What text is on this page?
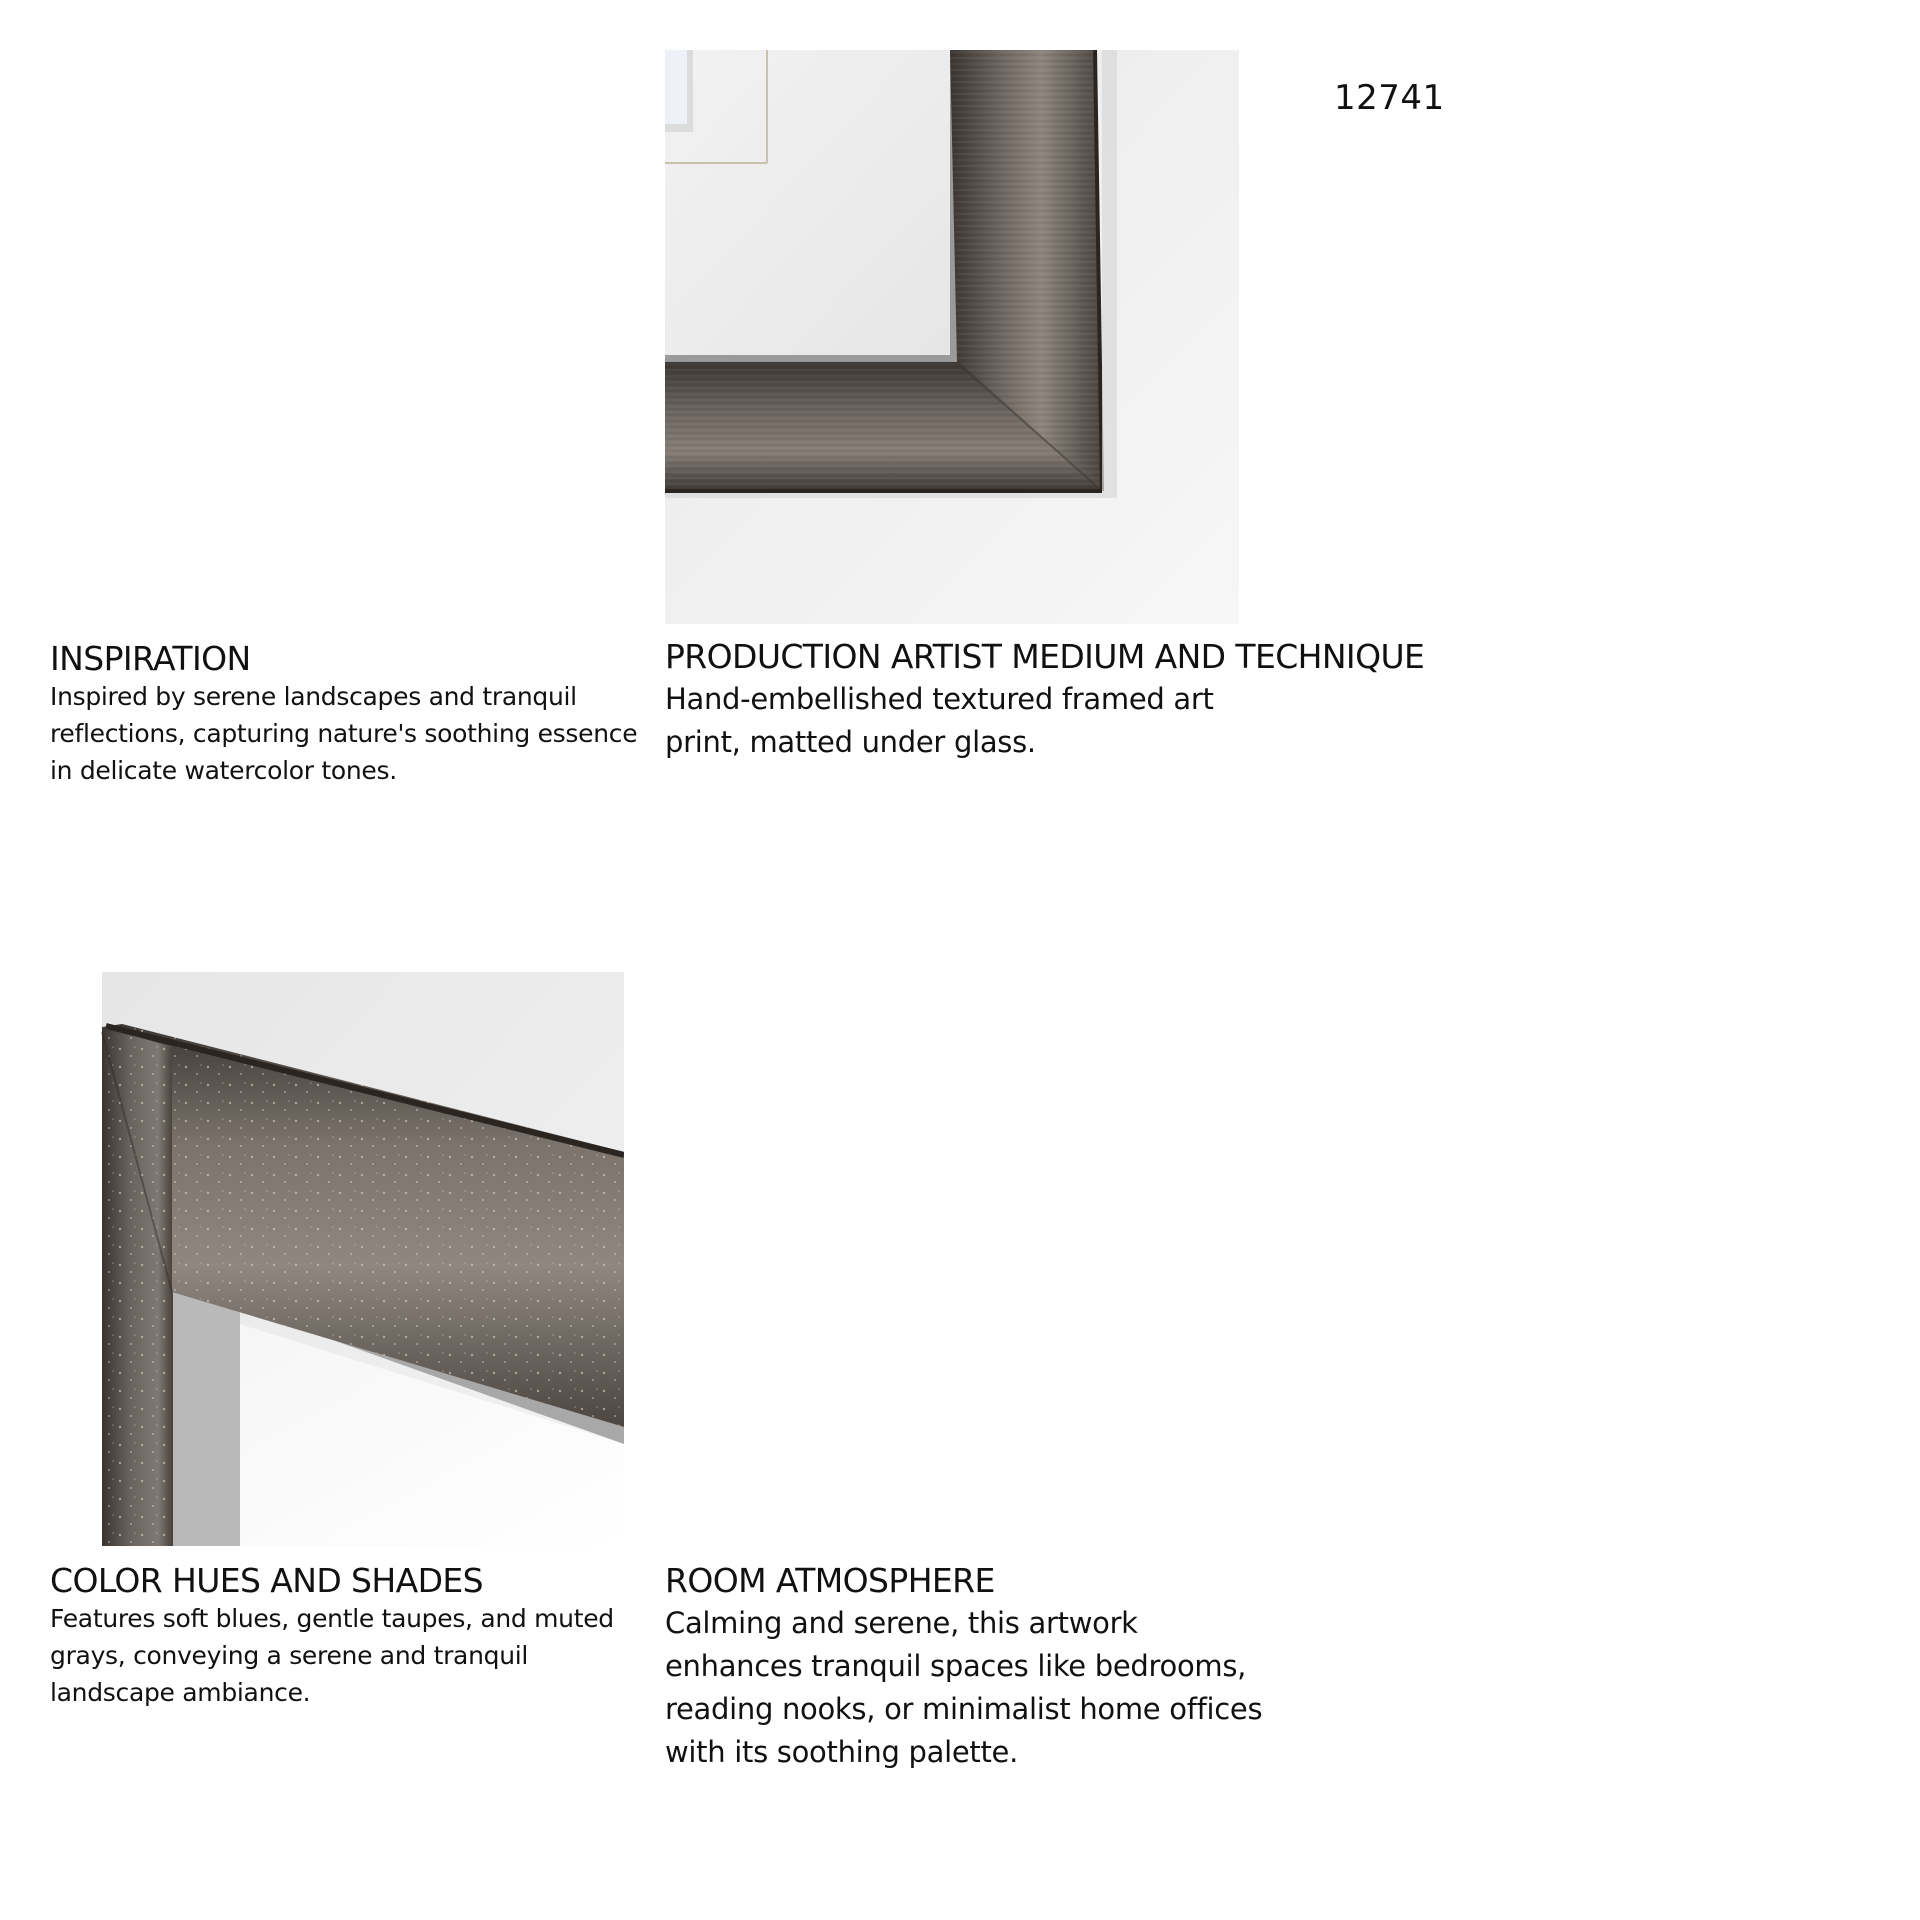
12741
INSPIRATION

Inspired by serene landscapes and tranquil reflections, capturing nature's soothing essence in delicate watercolor tones.

PRODUCTION ARTIST MEDIUM AND TECHNIQUE

Hand-embellished textured framed art print, matted under glass.

COLOR HUES AND SHADES

Features soft blues, gentle taupes, and muted grays, conveying a serene and tranquil landscape ambiance.

ROOM ATMOSPHERE

Calming and serene, this artwork enhances tranquil spaces like bedrooms, reading nooks, or minimalist home offices with its soothing palette.
